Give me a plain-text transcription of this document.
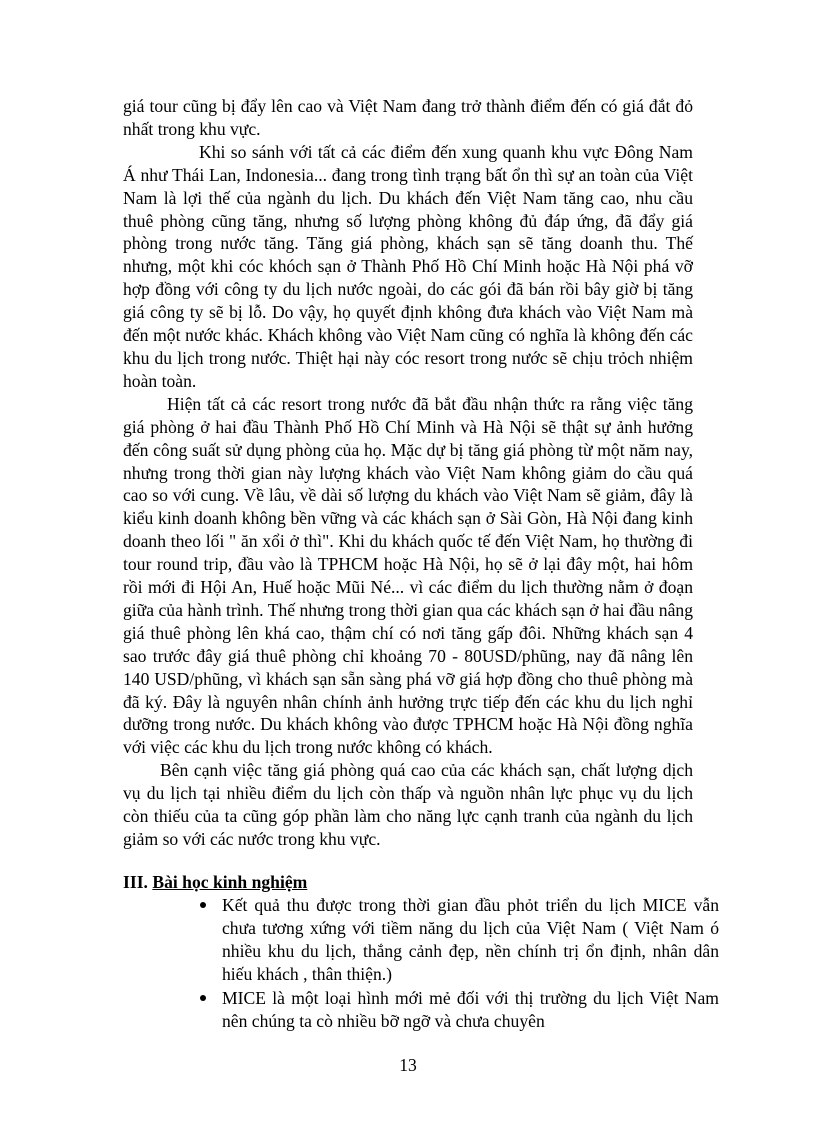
giá tour cũng bị đẩy lên cao và Việt Nam đang trở thành điểm đến có giá đắt đỏ nhất trong khu vực.

Khi so sánh với tất cả các điểm đến xung quanh khu vực Đông Nam Á như Thái Lan, Indonesia... đang trong tình trạng bất ổn thì sự an toàn của Việt Nam là lợi thế của ngành du lịch. Du khách đến Việt Nam tăng cao, nhu cầu thuê phòng cũng tăng, nhưng số lượng phòng không đủ đáp ứng, đã đẩy giá phòng trong nước tăng. Tăng giá phòng, khách sạn sẽ tăng doanh thu. Thế nhưng, một khi cóc khóch sạn ở Thành Phố Hồ Chí Minh hoặc Hà Nội phá vỡ hợp đồng với công ty du lịch nước ngoài, do các gói đã bán rồi bây giờ bị tăng giá công ty sẽ bị lỗ. Do vậy, họ quyết định không đưa khách vào Việt Nam mà đến một nước khác. Khách không vào Việt Nam cũng có nghĩa là không đến các khu du lịch trong nước. Thiệt hại này cóc resort trong nước sẽ chịu trỏch nhiệm hoàn toàn.

Hiện tất cả các resort trong nước đã bắt đầu nhận thức ra rằng việc tăng giá phòng ở hai đầu Thành Phố Hồ Chí Minh và Hà Nội sẽ thật sự ảnh hưởng đến công suất sử dụng phòng của họ. Mặc dự bị tăng giá phòng từ một năm nay, nhưng trong thời gian này lượng khách vào Việt Nam không giảm do cầu quá cao so với cung. Về lâu, về dài số lượng du khách vào Việt Nam sẽ giảm, đây là kiểu kinh doanh không bền vững và các khách sạn ở Sài Gòn, Hà Nội đang kinh doanh theo lối " ăn xổi ở thì". Khi du khách quốc tế đến Việt Nam, họ thường đi tour round trip, đầu vào là TPHCM hoặc Hà Nội, họ sẽ ở lại đây một, hai hôm rồi mới đi Hội An, Huế hoặc Mũi Né... vì các điểm du lịch thường nằm ở đoạn giữa của hành trình. Thế nhưng trong thời gian qua các khách sạn ở hai đầu nâng giá thuê phòng lên khá cao, thậm chí có nơi tăng gấp đôi. Những khách sạn 4 sao trước đây giá thuê phòng chỉ khoảng 70 - 80USD/phũng, nay đã nâng lên 140 USD/phũng, vì khách sạn sẵn sàng phá vỡ giá hợp đồng cho thuê phòng mà đã ký. Đây là nguyên nhân chính ảnh hưởng trực tiếp đến các khu du lịch nghỉ dưỡng trong nước. Du khách không vào được TPHCM hoặc Hà Nội đồng nghĩa với việc các khu du lịch trong nước không có khách.

Bên cạnh việc tăng giá phòng quá cao của các khách sạn, chất lượng dịch vụ du lịch tại nhiều điểm du lịch còn thấp và nguồn nhân lực phục vụ du lịch còn thiếu của ta cũng góp phần làm cho năng lực cạnh tranh của ngành du lịch giảm so với các nước trong khu vực.

III. Bài học kinh nghiệm
Kết quả thu được trong thời gian đầu phỏt triển du lịch MICE vẫn chưa tương xứng với tiềm năng du lịch của Việt Nam ( Việt Nam ó nhiều khu du lịch, thắng cảnh đẹp, nền chính trị ổn định, nhân dân hiếu khách , thân thiện.)
MICE là một loại hình mới mẻ đối với thị trường du lịch Việt Nam nên chúng ta cò nhiều bỡ ngỡ và chưa chuyên
13
